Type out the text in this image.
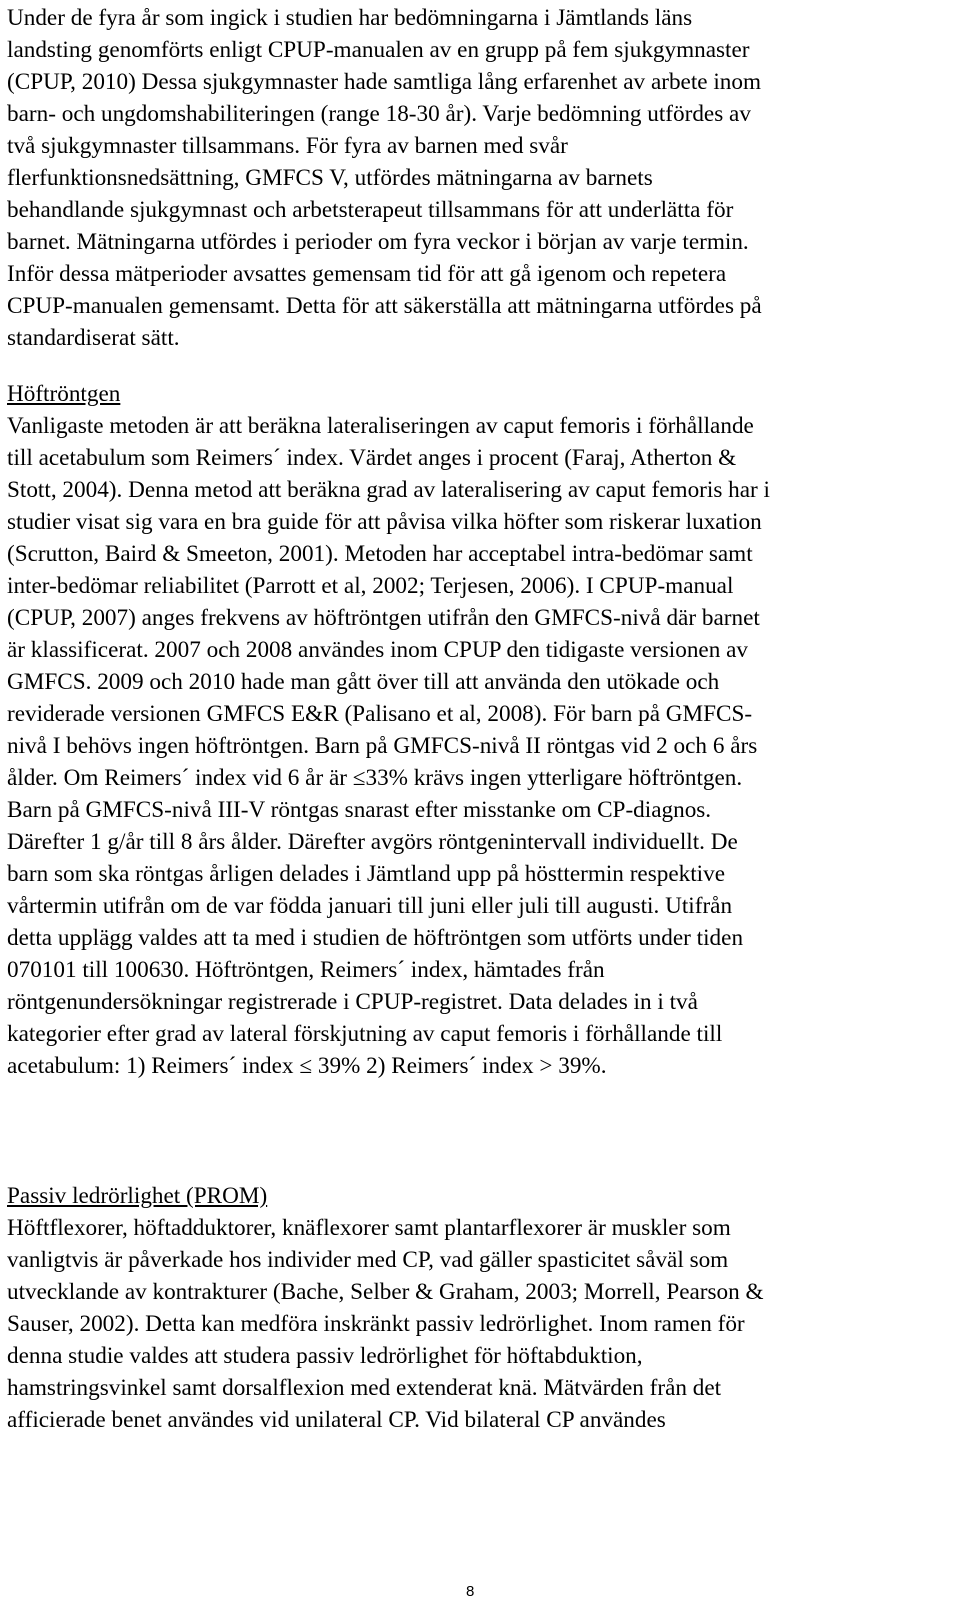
Under de fyra år som ingick i studien har bedömningarna i Jämtlands läns
landsting genomförts enligt CPUP-manualen av en grupp på fem sjukgymnaster
(CPUP, 2010) Dessa sjukgymnaster hade samtliga lång erfarenhet av arbete inom
barn- och ungdomshabiliteringen (range 18-30 år). Varje bedömning utfördes av
två sjukgymnaster tillsammans. För fyra av barnen med svår
flerfunktionsnedsättning, GMFCS V, utfördes mätningarna av barnets
behandlande sjukgymnast och arbetsterapeut tillsammans för att underlätta för
barnet. Mätningarna utfördes i perioder om fyra veckor i början av varje termin.
Inför dessa mätperioder avsattes gemensam tid för att gå igenom och repetera
CPUP-manualen gemensamt. Detta för att säkerställa att mätningarna utfördes på
standardiserat sätt.
Höftröntgen
Vanligaste metoden är att beräkna lateraliseringen av caput femoris i förhållande
till acetabulum som Reimers´ index. Värdet anges i procent (Faraj, Atherton &
Stott, 2004). Denna metod att beräkna grad av lateralisering av caput femoris har i
studier visat sig vara en bra guide för att påvisa vilka höfter som riskerar luxation
(Scrutton, Baird & Smeeton, 2001). Metoden har acceptabel intra-bedömar samt
inter-bedömar reliabilitet (Parrott et al, 2002; Terjesen, 2006). I CPUP-manual
(CPUP, 2007) anges frekvens av höftröntgen utifrån den GMFCS-nivå där barnet
är klassificerat. 2007 och 2008 användes inom CPUP den tidigaste versionen av
GMFCS. 2009 och 2010 hade man gått över till att använda den utökade och
reviderade versionen GMFCS E&R (Palisano et al, 2008). För barn på GMFCS-
nivå I behövs ingen höftröntgen. Barn på GMFCS-nivå II röntgas vid 2 och 6 års
ålder. Om Reimers´ index vid 6 år är ≤33% krävs ingen ytterligare höftröntgen.
Barn på GMFCS-nivå III-V röntgas snarast efter misstanke om CP-diagnos.
Därefter 1 g/år till 8 års ålder. Därefter avgörs röntgenintervall individuellt. De
barn som ska röntgas årligen delades i Jämtland upp på hösttermin respektive
vårtermin utifrån om de var födda januari till juni eller juli till augusti. Utifrån
detta upplägg valdes att ta med i studien de höftröntgen som utförts under tiden
070101 till 100630. Höftröntgen, Reimers´ index, hämtades från
röntgenundersökningar registrerade i CPUP-registret. Data delades in i två
kategorier efter grad av lateral förskjutning av caput femoris i förhållande till
acetabulum: 1) Reimers´ index ≤ 39% 2) Reimers´ index > 39%.
Passiv ledrörlighet (PROM)
Höftflexorer, höftadduktorer, knäflexorer samt plantarflexorer är muskler som
vanligtvis är påverkade hos individer med CP, vad gäller spasticitet såväl som
utvecklande av kontrakturer (Bache, Selber & Graham, 2003; Morrell, Pearson &
Sauser, 2002). Detta kan medföra inskränkt passiv ledrörlighet. Inom ramen för
denna studie valdes att studera passiv ledrörlighet för höftabduktion,
hamstringsvinkel samt dorsalflexion med extenderat knä. Mätvärden från det
afficierade benet användes vid unilateral CP. Vid bilateral CP användes
8
